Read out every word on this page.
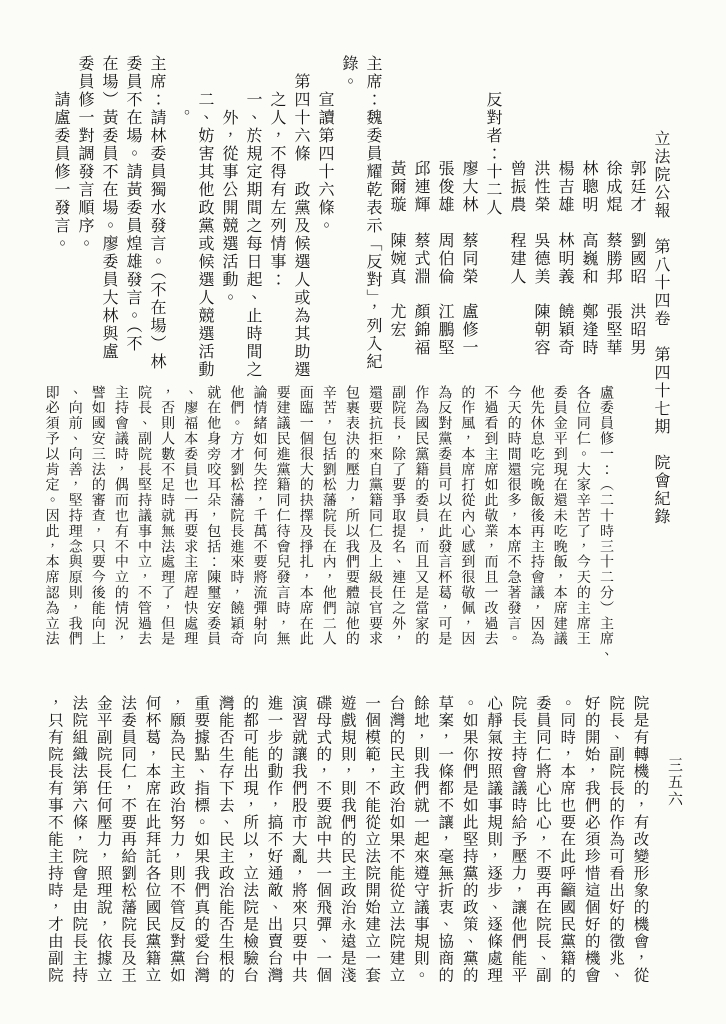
立法院公報　第八十四卷　第四十七期　院會紀錄
三五六
郭廷才
劉國昭
洪昭男
徐成焜
蔡勝邦
張堅華
林聰明
高巍和
鄭逢時
楊吉雄
林明義
饒穎奇
洪性榮
吳德美
陳朝容
曾振農
程建人
反對者：十二人
廖大林
蔡同榮
盧修一
張俊雄
周伯倫
江鵬堅
邱連輝
蔡式淵
顏錦福
黃爾璇
陳婉真
尤宏
主席：魏委員耀乾表示「反對」，列入紀
錄。
宣讀第四十六條。
第四十六條　政黨及候選人或為其助選
之人，不得有左列情事：
一、於規定期間之每日起、止時間之
外，從事公開競選活動。
二、妨害其他政黨或候選人競選活動
。
主席：請林委員獨水發言。（不在場）林
委員不在場。請黃委員煌雄發言。（不
在場）黃委員不在場。廖委員大林與盧
委員修一對調發言順序。
請盧委員修一發言。
盧委員修一：（二十時三十二分）主席、
各位同仁。大家辛苦了，今天的主席王
委員金平到現在還未吃晚飯，本席建議
他先休息吃完晚飯後再主持會議，因為
今天的時間還很多，本席不急著發言。
不過看到主席如此敬業，而且一改過去
的作風，本席打從內心感到很敬佩，因
為反對黨委員可以在此發言杯葛，可是
作為國民黨籍的委員，而且又是當家的
副院長，除了要爭取提名、連任之外，
還要抗拒來自黨籍同仁及上級長官要求
包裹表決的壓力，所以我們要體諒他的
辛苦，包括劉松藩院長在內，他們二人
面臨一個很大的抉擇及掙扎，本席在此
要建議民進黨籍同仁待會兒發言時，無
論情緒如何失控，千萬不要將流彈射向
他們。方才劉松藩院長進來時，饒穎奇
就在他身旁咬耳朵，包括：陳璽安委員
、廖福本委員也一再要求主席趕快處理
，否則人數不足時就無法處理了，但是
院長、副院長堅持議事中立，不管過去
主持會議時，偶而也有不中立的情況，
譬如國安三法的審查，只要今後能向上
、向前、向善，堅持理念與原則，我們
即必須予以肯定。因此，本席認為立法
院是有轉機的，有改變形象的機會，從
院長、副院長的作為可看出好的徵兆、
好的開始，我們必須珍惜這個好的機會
。同時，本席也要在此呼籲國民黨籍的
委員同仁將心比心，不要再在院長、副
院長主持會議時給予壓力，讓他們能平
心靜氣按照議事規則，逐步、逐條處理
。如果你們是如此堅持黨的政策、黨的
草案，一條都不讓，毫無折衷、協商的
餘地，則我們就一起來遵守議事規則。
台灣的民主政治如果不能從立法院建立
一個模範，不能從立法院開始建立一套
遊戲規則，則我們的民主政治永遠是淺
碟母式的，不要說中共一個飛彈、一個
演習就讓我們股市大亂，將來只要中共
進一步的動作，搞不好通敵、出賣台灣
的都可能出現，所以，立法院是檢驗台
灣能否生存下去、民主政治能否生根的
重要據點、指標。如果我們真的愛台灣
，願為民主政治努力，則不管反對黨如
何杯葛，本席在此拜託各位國民黨籍立
法委員同仁，不要再給劉松藩院長及王
金平副院長任何壓力，照理說，依據立
法院組織法第六條，院會是由院長主持
，只有院長有事不能主持時，才由副院
